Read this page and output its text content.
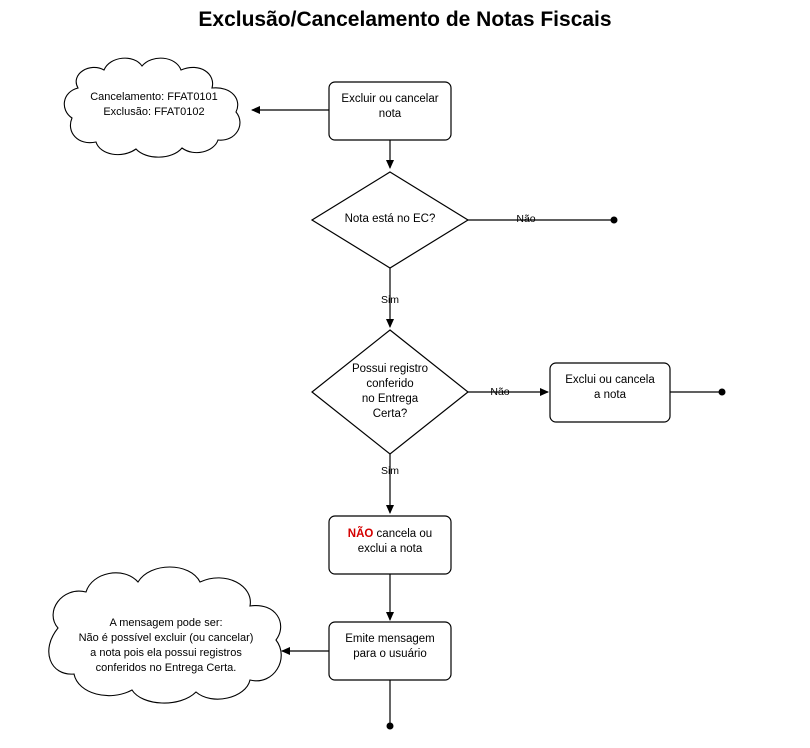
Exclusão/Cancelamento de Notas Fiscais
Cancelamento: FFAT0101
Exclusão: FFAT0102
Excluir ou cancelar
nota
Nota está no EC?	Não
Sim
Possui registro
conferido
no Entrega
Certa?
Não
Sim
Exclui ou cancela
a nota
NÃO cancela ou
exclui a nota
Emite mensagem
para o usuário
A mensagem pode ser:
Não é possível excluir (ou cancelar)
a nota pois ela possui registros
conferidos no Entrega Certa.
